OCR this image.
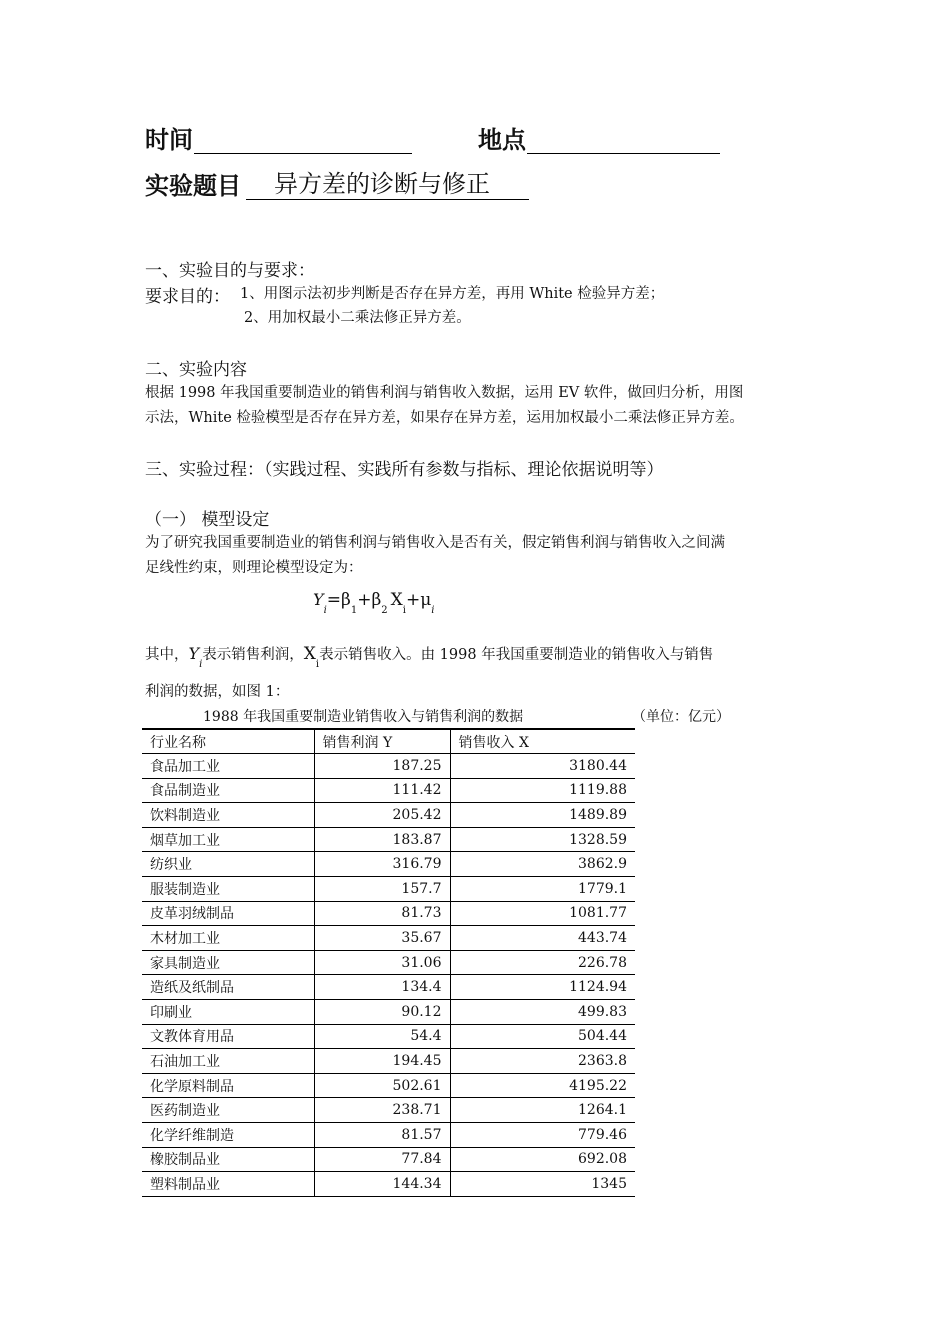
时间	地点
实验题目 异方差的诊断与修正
一、实验目的与要求：
要求目的： 1、用图示法初步判断是否存在异方差，再用 White 检验异方差；
2、用加权最小二乘法修正异方差。
二、实验内容
根据 1998 年我国重要制造业的销售利润与销售收入数据，运用 EV 软件，做回归分析，用图
示法，White 检验模型是否存在异方差，如果存在异方差，运用加权最小二乘法修正异方差。
三、实验过程：（实践过程、实践所有参数与指标、理论依据说明等）
（一） 模型设定
为了研究我国重要制造业的销售利润与销售收入是否有关，假定销售利润与销售收入之间满
足线性约束，则理论模型设定为：
$Y_i=\beta_1+\beta_2X_i+\mu_i$
其中，$Y_i$表示销售利润，$X_i$表示销售收入。由 1998 年我国重要制造业的销售收入与销售
利润的数据，如图 1：
1988 年我国重要制造业销售收入与销售利润的数据	（单位：亿元）
行业名称	销售利润 Y	销售收入 X
食品加工业	187.25	3180.44
食品制造业	111.42	1119.88
饮料制造业	205.42	1489.89
烟草加工业	183.87	1328.59
纺织业	316.79	3862.9
服装制造业	157.7	1779.1
皮革羽绒制品	81.73	1081.77
木材加工业	35.67	443.74
家具制造业	31.06	226.78
造纸及纸制品	134.4	1124.94
印刷业	90.12	499.83
文教体育用品	54.4	504.44
石油加工业	194.45	2363.8
化学原料制品	502.61	4195.22
医药制造业	238.71	1264.1
化学纤维制造	81.57	779.46
橡胶制品业	77.84	692.08
塑料制品业	144.34	1345
